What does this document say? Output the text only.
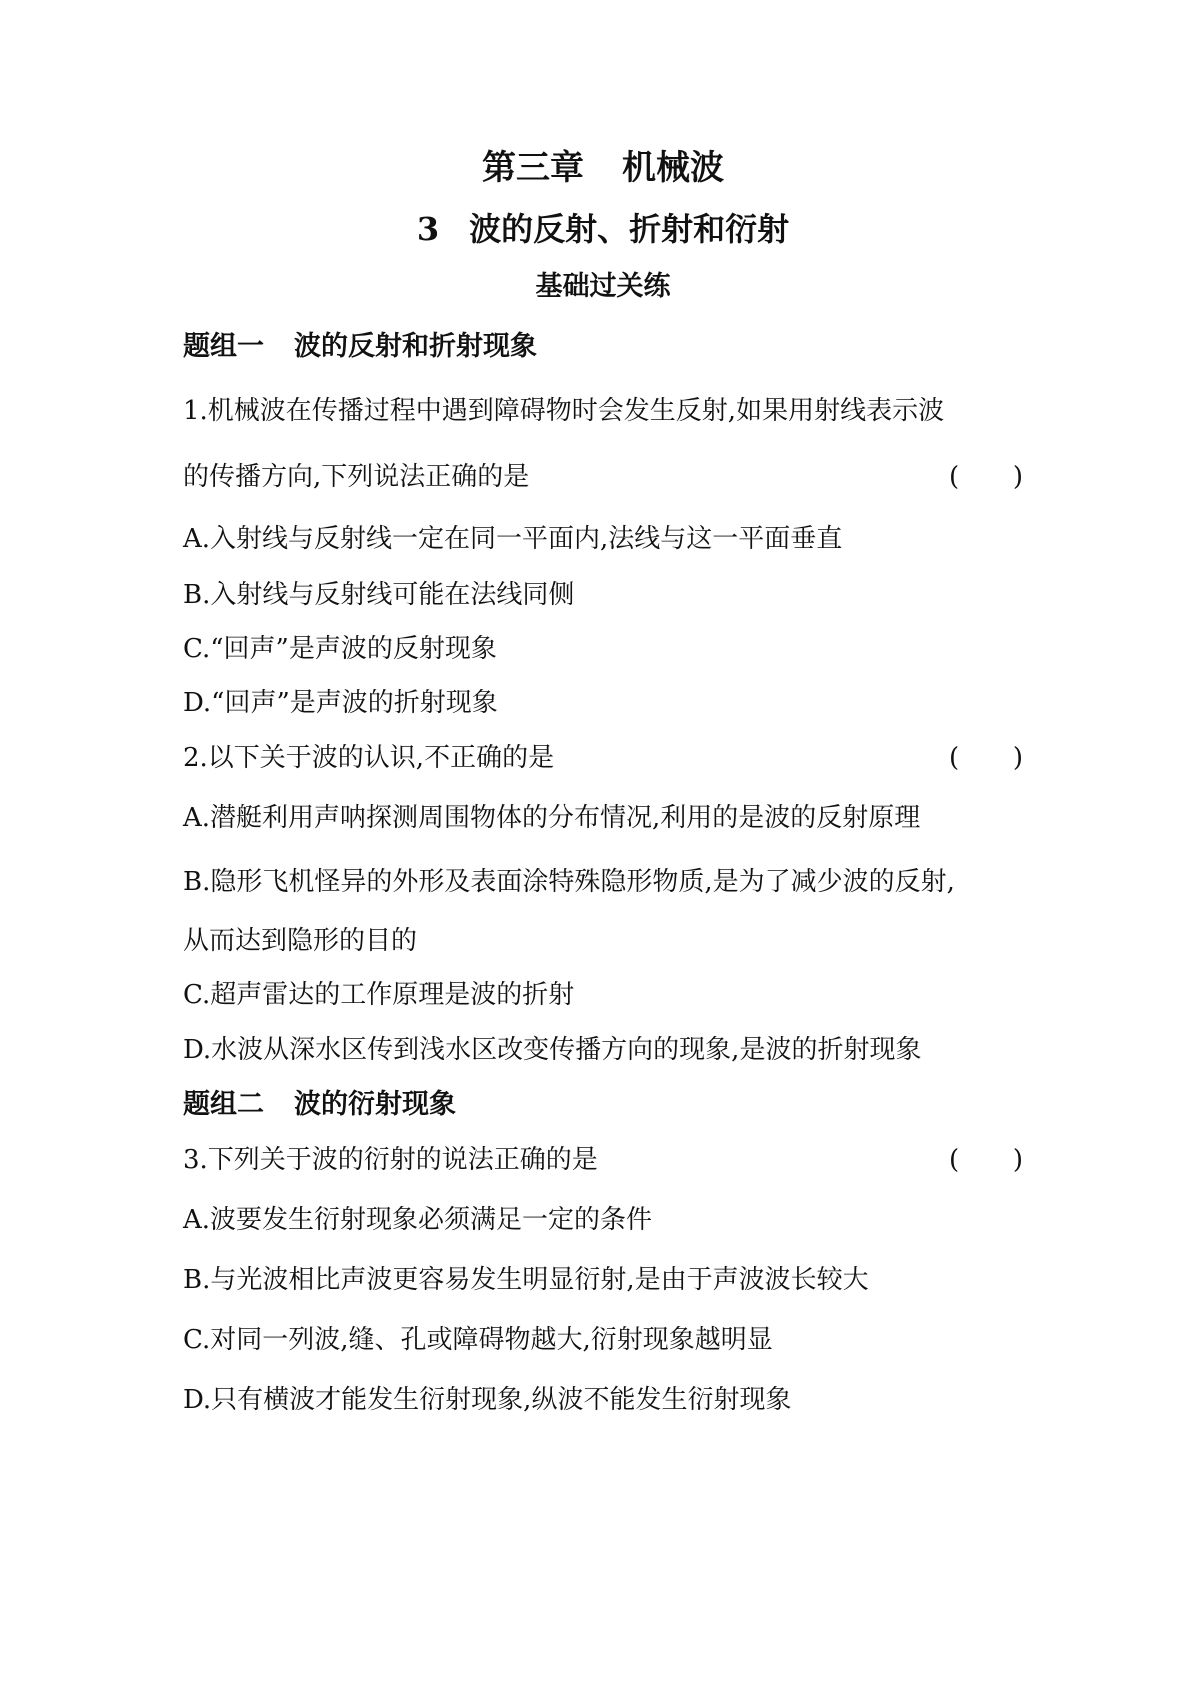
第三章 机械波
3 波的反射、折射和衍射
基础过关练
题组一 波的反射和折射现象
1.机械波在传播过程中遇到障碍物时会发生反射,如果用射线表示波
的传播方向,下列说法正确的是	( )
A.入射线与反射线一定在同一平面内,法线与这一平面垂直
B.入射线与反射线可能在法线同侧
C.“回声”是声波的反射现象
D.“回声”是声波的折射现象
2.以下关于波的认识,不正确的是	( )
A.潜艇利用声呐探测周围物体的分布情况,利用的是波的反射原理
B.隐形飞机怪异的外形及表面涂特殊隐形物质,是为了减少波的反射,
从而达到隐形的目的
C.超声雷达的工作原理是波的折射
D.水波从深水区传到浅水区改变传播方向的现象,是波的折射现象
题组二 波的衍射现象
3.下列关于波的衍射的说法正确的是	( )
A.波要发生衍射现象必须满足一定的条件
B.与光波相比声波更容易发生明显衍射,是由于声波波长较大
C.对同一列波,缝、孔或障碍物越大,衍射现象越明显
D.只有横波才能发生衍射现象,纵波不能发生衍射现象
